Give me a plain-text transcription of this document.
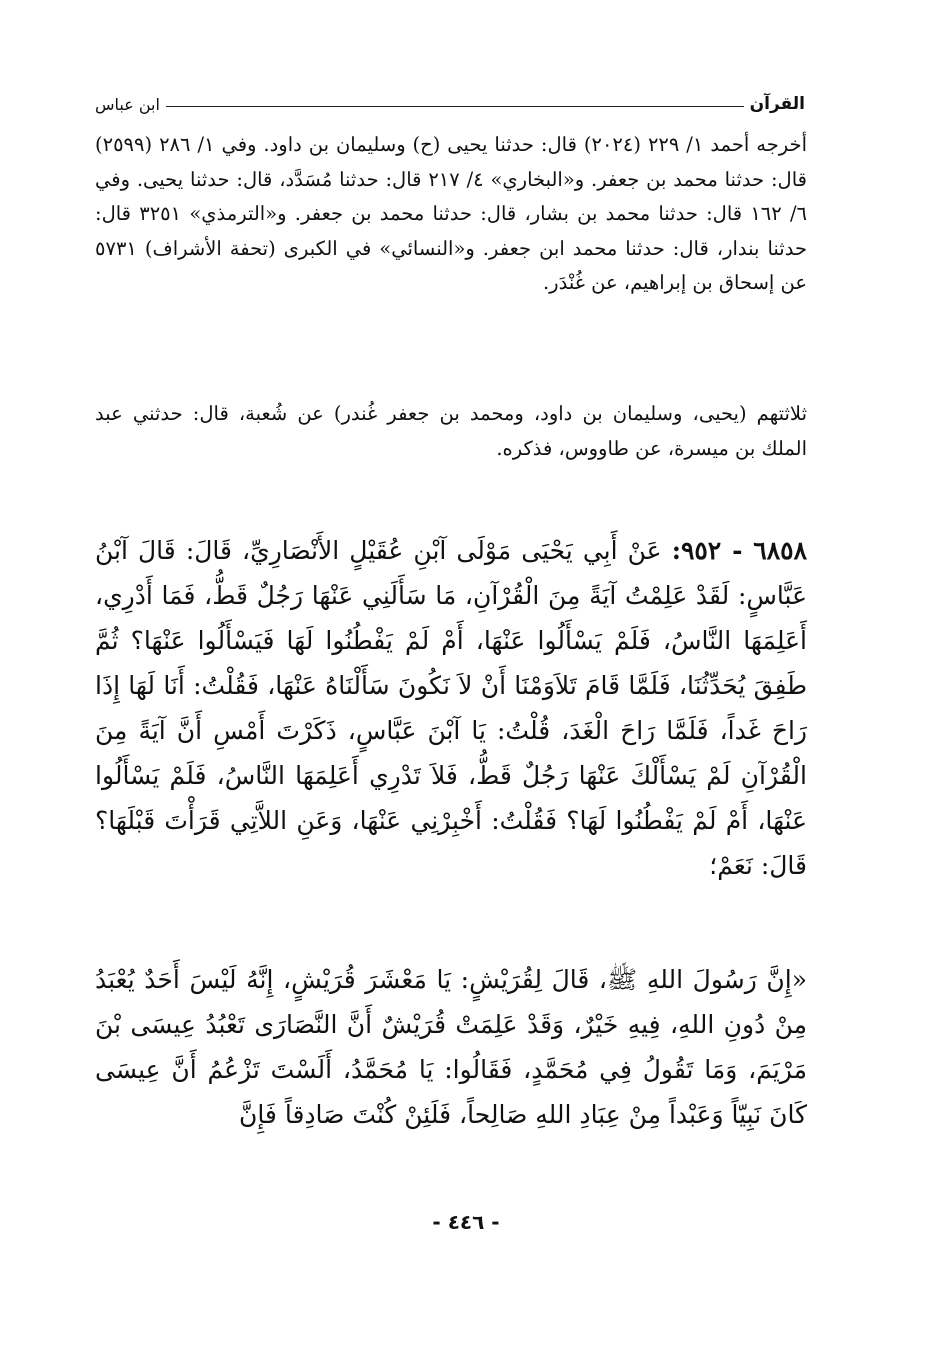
القرآن
ابن عباس

أخرجه أحمد ١/ ٢٢٩ (٢٠٢٤) قال: حدثنا يحيى (ح) وسليمان بن داود. وفي ١/ ٢٨٦ (٢٥٩٩) قال: حدثنا محمد بن جعفر. و«البخاري» ٤/ ٢١٧ قال: حدثنا مُسَدَّد، قال: حدثنا يحيى. وفي ٦/ ١٦٢ قال: حدثنا محمد بن بشار، قال: حدثنا محمد بن جعفر. و«الترمذي» ٣٢٥١ قال: حدثنا بندار، قال: حدثنا محمد ابن جعفر. و«النسائي» في الكبرى (تحفة الأشراف) ٥٧٣١ عن إسحاق بن إبراهيم، عن غُنْدَر.

ثلاثتهم (يحيى، وسليمان بن داود، ومحمد بن جعفر غُندر) عن شُعبة، قال: حدثني عبد الملك بن ميسرة، عن طاووس، فذكره.

٦٨٥٨ - ٩٥٢: عَنْ أَبِي يَحْيَى مَوْلَى آبْنِ عُقَيْلٍ الأَنْصَارِيِّ، قَالَ: قَالَ آبْنُ عَبَّاسٍ: لَقَدْ عَلِمْتُ آيَةً مِنَ الْقُرْآنِ، مَا سَأَلَنِي عَنْهَا رَجُلٌ قَطُّ، فَمَا أَدْرِي، أَعَلِمَهَا النَّاسُ، فَلَمْ يَسْأَلُوا عَنْهَا، أَمْ لَمْ يَفْطُنُوا لَهَا فَيَسْأَلُوا عَنْهَا؟ ثُمَّ طَفِقَ يُحَدِّثُنَا، فَلَمَّا قَامَ تَلاَوَمْنَا أَنْ لاَ نَكُونَ سَأَلْنَاهُ عَنْهَا، فَقُلْتُ: أَنَا لَهَا إِذَا رَاحَ غَداً، فَلَمَّا رَاحَ الْغَدَ، قُلْتُ: يَا آبْنَ عَبَّاسٍ، ذَكَرْتَ أَمْسِ أَنَّ آيَةً مِنَ الْقُرْآنِ لَمْ يَسْأَلْكَ عَنْهَا رَجُلٌ قَطُّ، فَلاَ تَدْرِي أَعَلِمَهَا النَّاسُ، فَلَمْ يَسْأَلُوا عَنْهَا، أَمْ لَمْ يَفْطُنُوا لَهَا؟ فَقُلْتُ: أَخْبِرْنِي عَنْهَا، وَعَنِ اللاَّتِي قَرَأْتَ قَبْلَهَا؟ قَالَ: نَعَمْ؛

«إِنَّ رَسُولَ اللهِ ﷺ، قَالَ لِقُرَيْشٍ: يَا مَعْشَرَ قُرَيْشٍ، إِنَّهُ لَيْسَ أَحَدٌ يُعْبَدُ مِنْ دُونِ اللهِ، فِيهِ خَيْرٌ، وَقَدْ عَلِمَتْ قُرَيْشٌ أَنَّ النَّصَارَى تَعْبُدُ عِيسَى بْنَ مَرْيَمَ، وَمَا تَقُولُ فِي مُحَمَّدٍ، فَقَالُوا: يَا مُحَمَّدُ، أَلَسْتَ تَزْعُمُ أَنَّ عِيسَى كَانَ نَبِيّاً وَعَبْداً مِنْ عِبَادِ اللهِ صَالِحاً، فَلَئِنْ كُنْتَ صَادِقاً فَإِنَّ

- ٤٤٦ -
